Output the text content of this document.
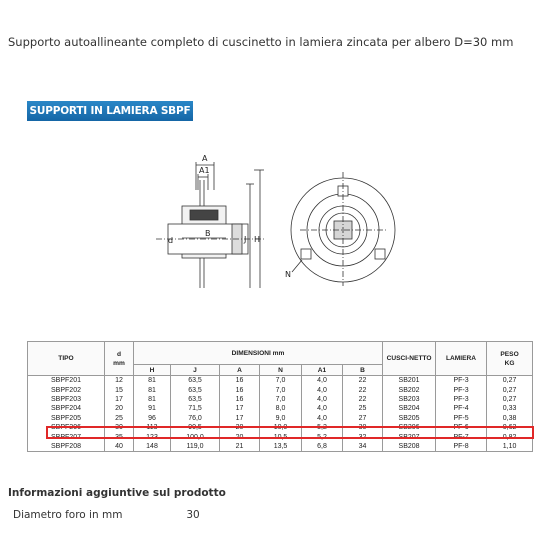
Supporto autoallineante completo di cuscinetto in lamiera zincata per albero D=30 mm
SUPPORTI IN LAMIERA SBPF
A
A1
B
d	J H
N
TIPO	d
mm	DIMENSIONI mm						CUSCI-NETTO	LAMIERA	PESO
KG
		H	J	A	N	A1	B			
SBPF201	12	81	63,5	16	7,0	4,0	22	SB201	PF-3	0,27
SBPF202	15	81	63,5	16	7,0	4,0	22	SB202	PF-3	0,27
SBPF203	17	81	63,5	16	7,0	4,0	22	SB203	PF-3	0,27
SBPF204	20	91	71,5	17	8,0	4,0	25	SB204	PF-4	0,33
SBPF205	25	96	76,0	17	9,0	4,0	27	SB205	PF-5	0,38
SBPF206	30	113	90,5	20	10,0	5,2	30	SB206	PF-6	0,62
SBPF207	35	123	100,0	20	10,5	5,2	32	SB207	PF-7	0,82
SBPF208	40	148	119,0	21	13,5	6,8	34	SB208	PF-8	1,10
Informazioni aggiuntive sul prodotto
Diametro foro in mm	30
